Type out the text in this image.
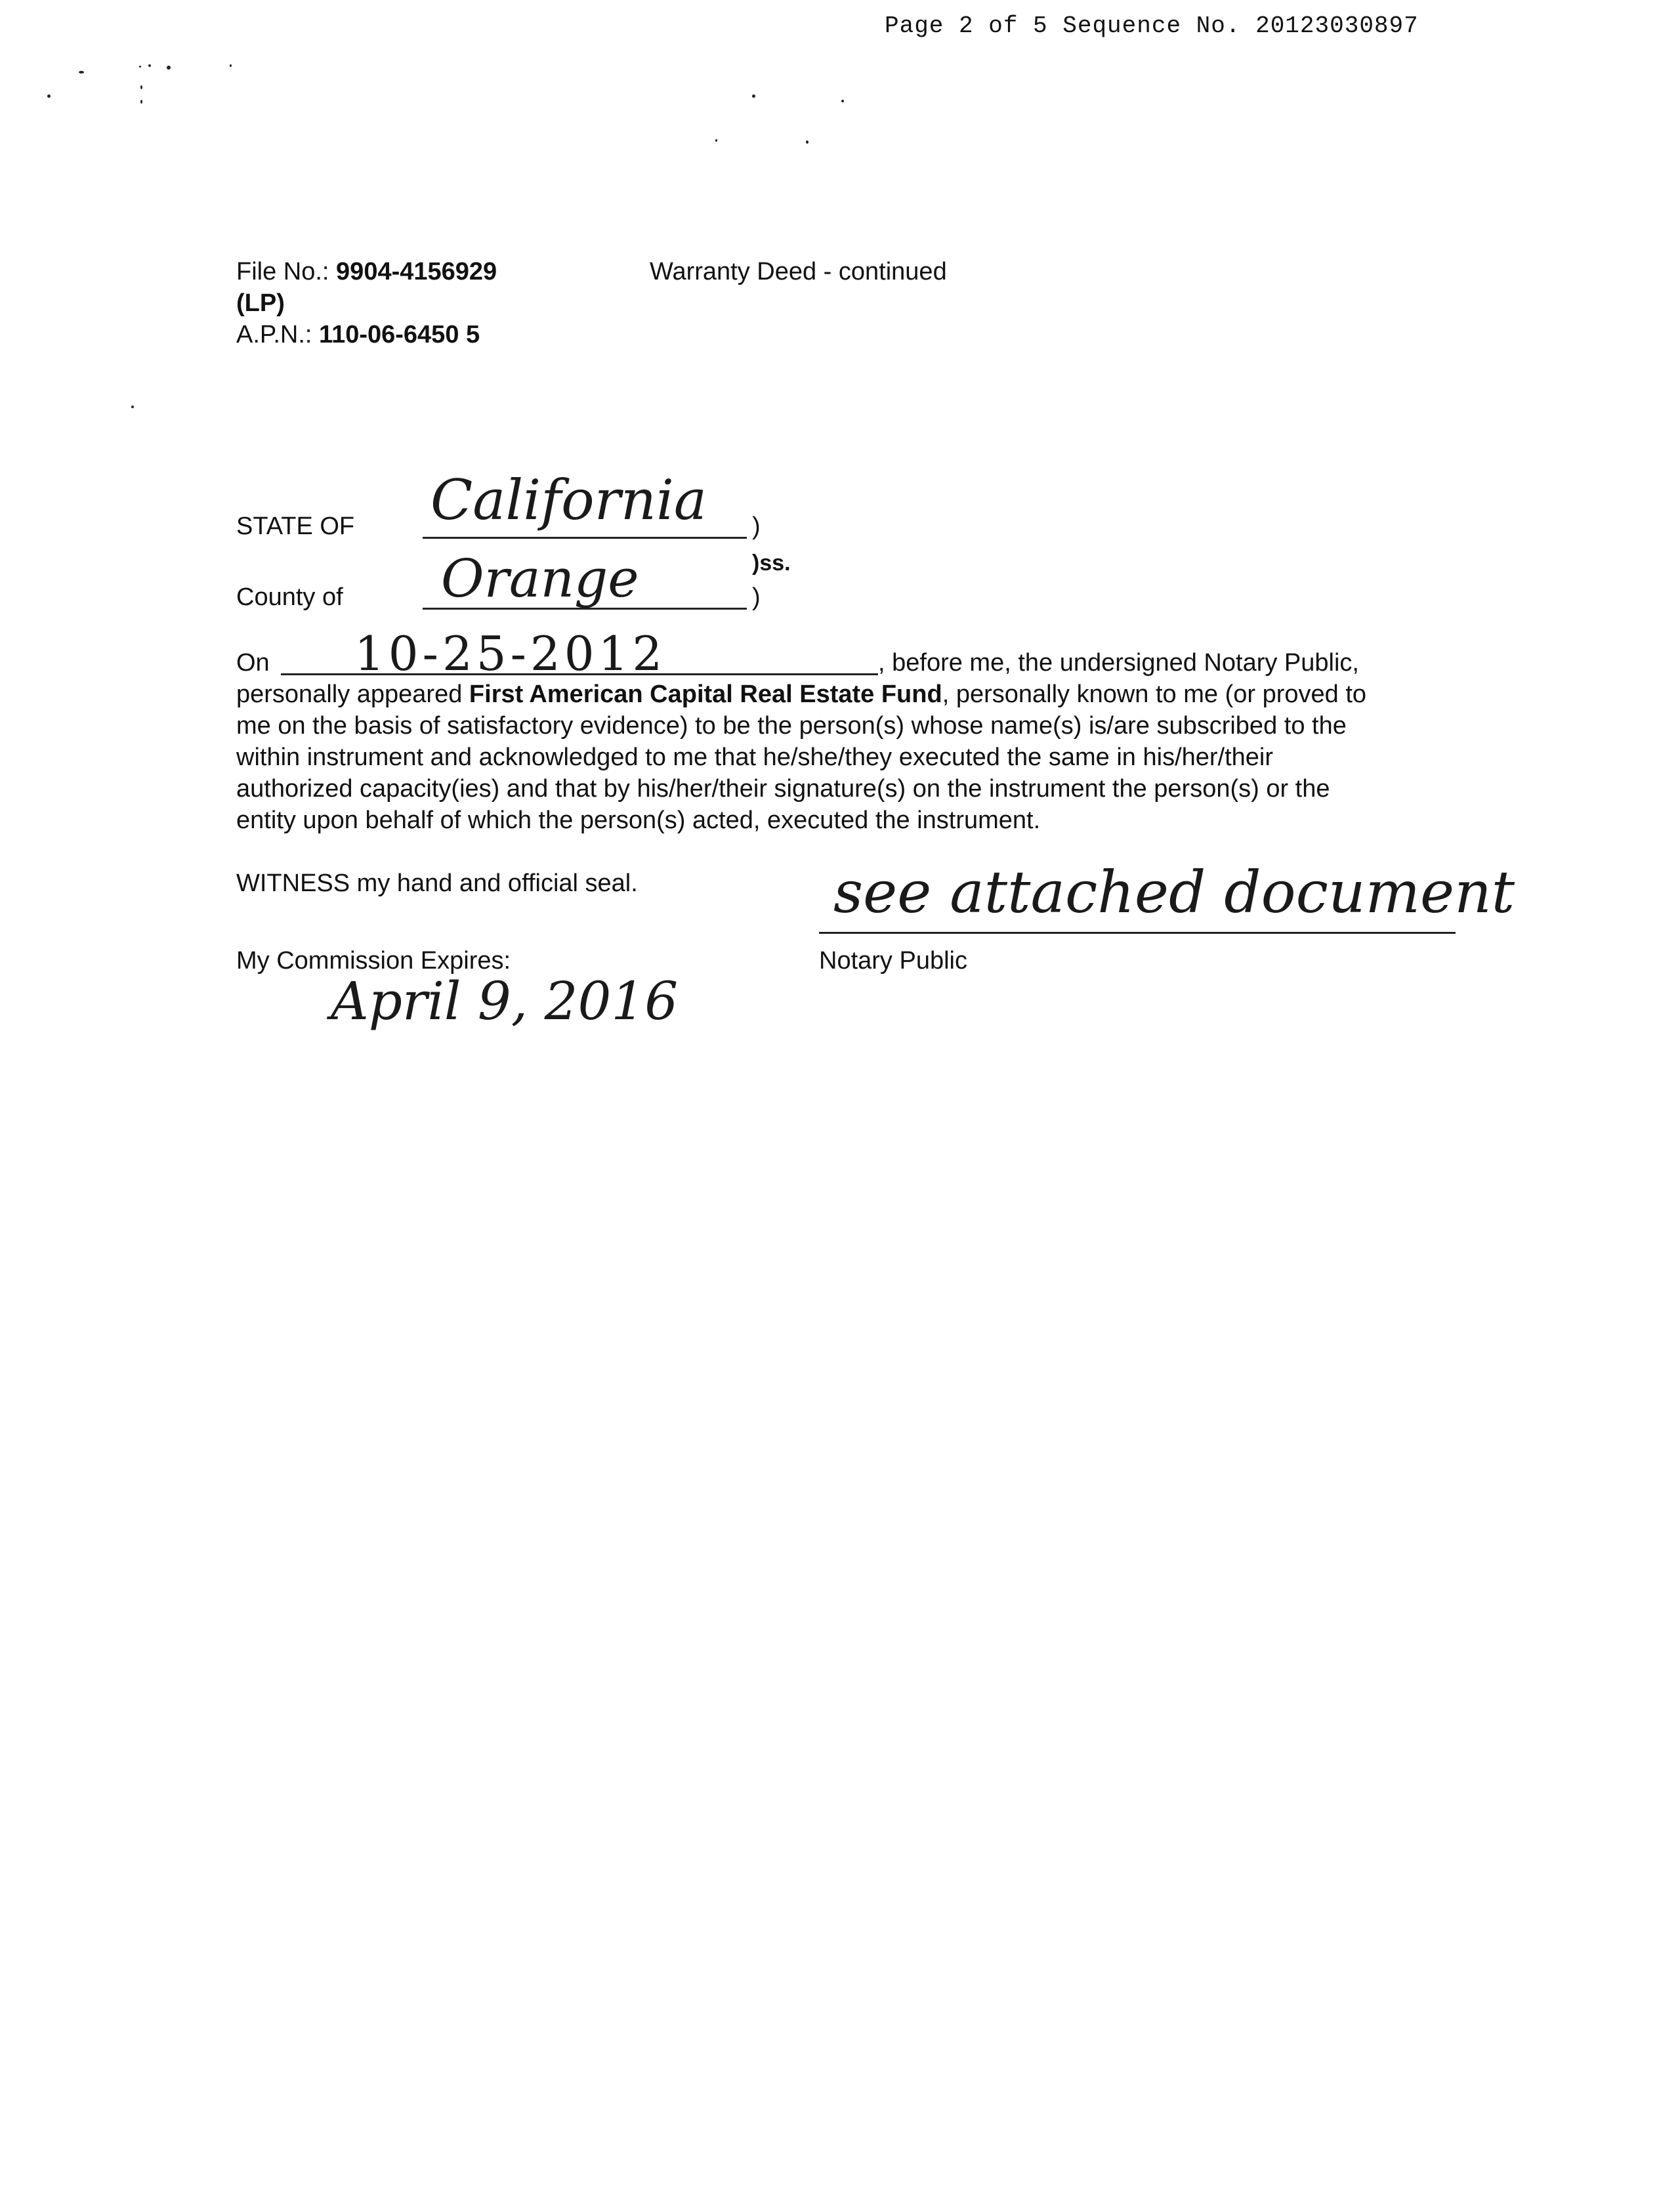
Page 2 of 5 Sequence No. 20123030897
File No.: 9904-4156929
(LP)
A.P.N.: 110-06-6450 5
Warranty Deed - continued
STATE OF California )
)ss.
County of Orange	)
On 10-25-2012	, before me, the undersigned Notary Public,
personally appeared First American Capital Real Estate Fund, personally known to me (or proved to
me on the basis of satisfactory evidence) to be the person(s) whose name(s) is/are subscribed to the
within instrument and acknowledged to me that he/she/they executed the same in his/her/their
authorized capacity(ies) and that by his/her/their signature(s) on the instrument the person(s) or the
entity upon behalf of which the person(s) acted, executed the instrument.
WITNESS my hand and official seal.	see attached document
Notary Public
My Commission Expires:
April 9, 2016
